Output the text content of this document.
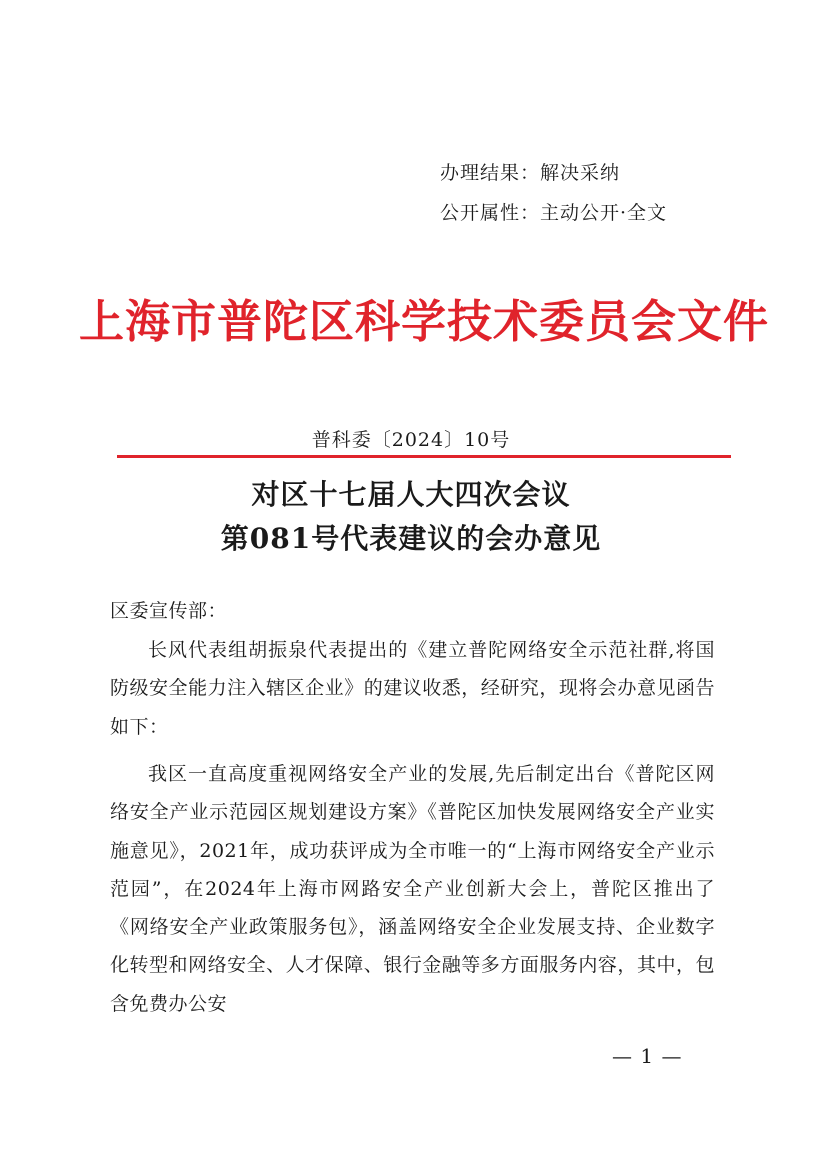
办理结果：解决采纳
公开属性：主动公开·全文
上海市普陀区科学技术委员会文件
普科委〔2024〕10号
对区十七届人大四次会议
第081号代表建议的会办意见
区委宣传部：
长风代表组胡振泉代表提出的《建立普陀网络安全示范社群,将国防级安全能力注入辖区企业》的建议收悉，经研究，现将会办意见函告如下：
我区一直高度重视网络安全产业的发展,先后制定出台《普陀区网络安全产业示范园区规划建设方案》《普陀区加快发展网络安全产业实施意见》，2021年，成功获评成为全市唯一的“上海市网络安全产业示范园”，在2024年上海市网路安全产业创新大会上，普陀区推出了《网络安全产业政策服务包》，涵盖网络安全企业发展支持、企业数字化转型和网络安全、人才保障、银行金融等多方面服务内容，其中，包含免费办公安
— 1 —
